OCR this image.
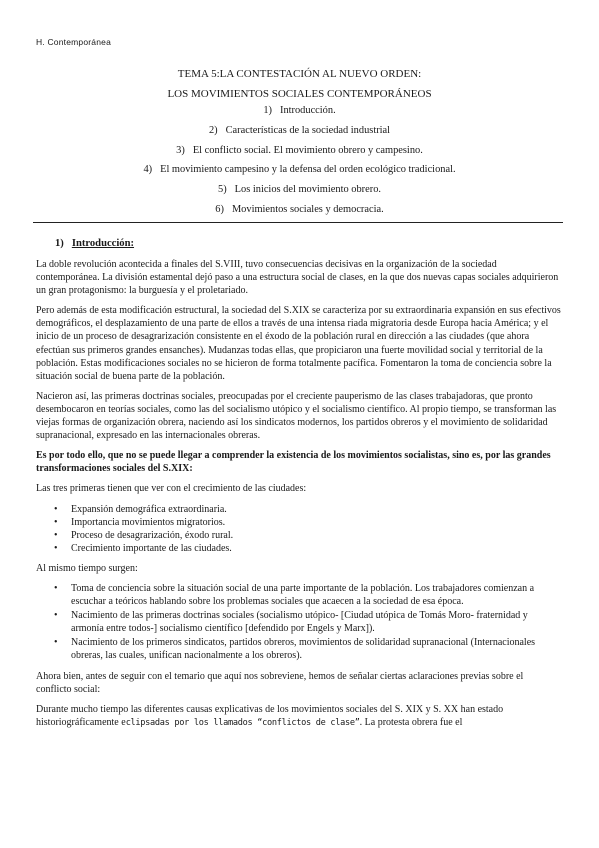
H. Contemporánea
TEMA 5:LA CONTESTACIÓN AL NUEVO ORDEN:
LOS MOVIMIENTOS SOCIALES CONTEMPORÁNEOS
1) Introducción.
2) Características de la sociedad industrial
3) El conflicto social. El movimiento obrero y campesino.
4) El movimiento campesino y la defensa del orden ecológico tradicional.
5) Los inicios del movimiento obrero.
6) Movimientos sociales y democracia.
1) Introducción:

La doble revolución acontecida a finales del S.VIII, tuvo consecuencias decisivas en la organización de la sociedad contemporánea. La división estamental dejó paso a una estructura social de clases, en la que dos nuevas capas sociales adquirieron un gran protagonismo: la burguesía y el proletariado.

Pero además de esta modificación estructural, la sociedad del S.XIX se caracteriza por su extraordinaria expansión en sus efectivos demográficos, el desplazamiento de una parte de ellos a través de una intensa riada migratoria desde Europa hacia América; y el inicio de un proceso de desagrarización consistente en el éxodo de la población rural en dirección a las ciudades (que ahora efectúan sus primeros grandes ensanches). Mudanzas todas ellas, que propiciaron una fuerte movilidad social y territorial de la población. Estas modificaciones sociales no se hicieron de forma totalmente pacífica. Fomentaron la toma de conciencia sobre la situación social de buena parte de la población.

Nacieron así, las primeras doctrinas sociales, preocupadas por el creciente pauperismo de las clases trabajadoras, que pronto desembocaron en teorías sociales, como las del socialismo utópico y el socialismo científico. Al propio tiempo, se transforman las viejas formas de organización obrera, naciendo así los sindicatos modernos, los partidos obreros y el movimiento de solidaridad supranacional, expresado en las internacionales obreras.

Es por todo ello, que no se puede llegar a comprender la existencia de los movimientos socialistas, sino es, por las grandes transformaciones sociales del S.XIX:

Las tres primeras tienen que ver con el crecimiento de las ciudades:

• Expansión demográfica extraordinaria.
• Importancia movimientos migratorios.
• Proceso de desagrarización, éxodo rural.
• Crecimiento importante de las ciudades.

Al mismo tiempo surgen:

• Toma de conciencia sobre la situación social de una parte importante de la población. Los trabajadores comienzan a escuchar a teóricos hablando sobre los problemas sociales que acaecen a la sociedad de esa época.
• Nacimiento de las primeras doctrinas sociales (socialismo utópico- [Ciudad utópica de Tomás Moro- fraternidad y armonía entre todos-] socialismo científico [defendido por Engels y Marx]).
• Nacimiento de los primeros sindicatos, partidos obreros, movimientos de solidaridad supranacional (Internacionales obreras, las cuales, unifican nacionalmente a los obreros).

Ahora bien, antes de seguir con el temario que aquí nos sobreviene, hemos de señalar ciertas aclaraciones previas sobre el conflicto social:

Durante mucho tiempo las diferentes causas explicativas de los movimientos sociales del S. XIX y S. XX han estado historiográficamente eclipsadas por los llamados “conflictos de clase”. La protesta obrera fue el
